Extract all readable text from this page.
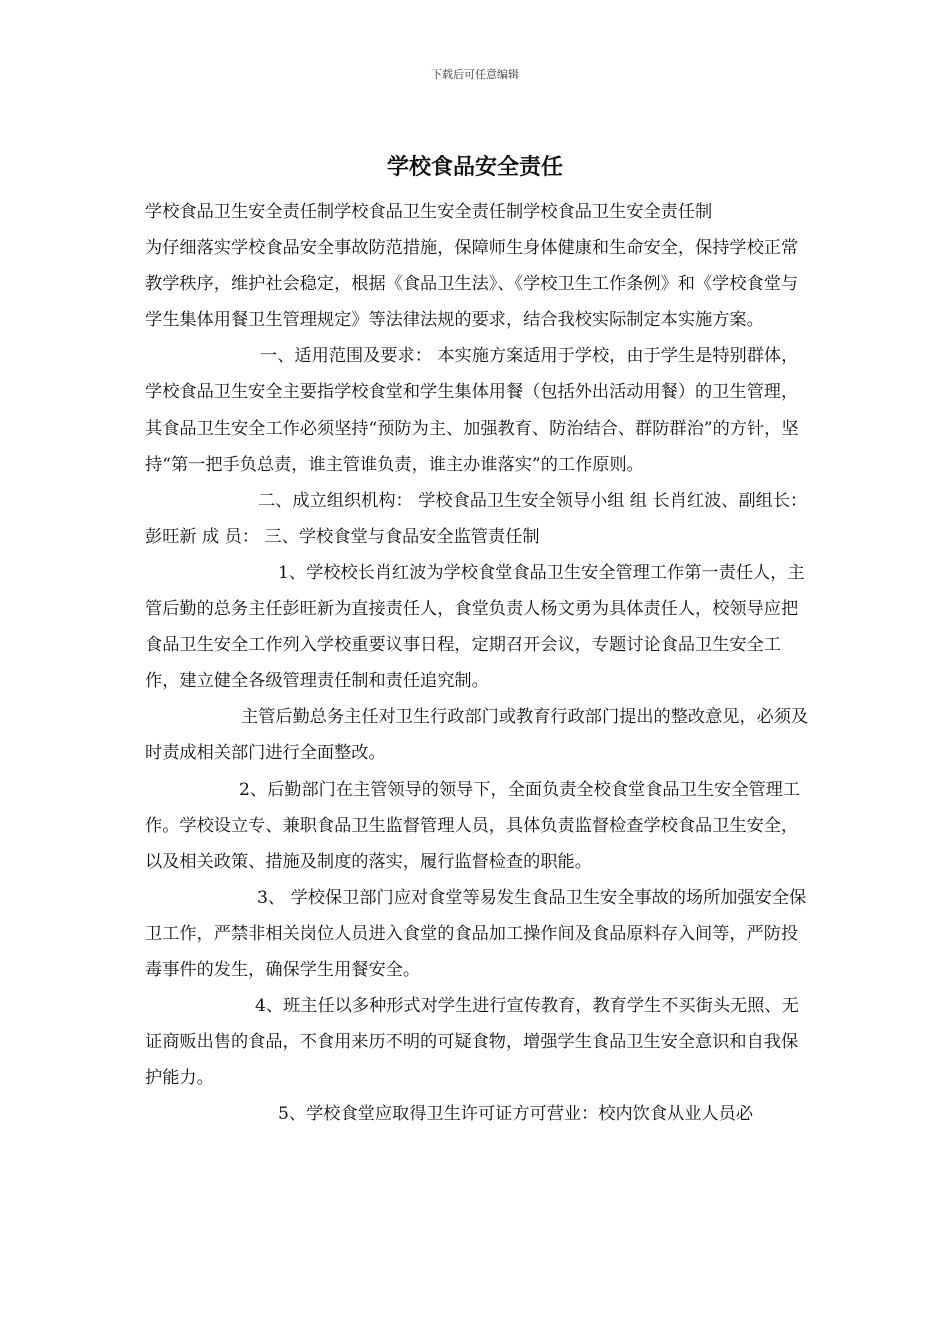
下载后可任意编辑
学校食品安全责任

学校食品卫生安全责任制学校食品卫生安全责任制学校食品卫生安全责任制

为仔细落实学校食品安全事故防范措施，保障师生身体健康和生命安全，保持学校正常教学秩序，维护社会稳定，根据《食品卫生法》、《学校卫生工作条例》和《学校食堂与学生集体用餐卫生管理规定》等法律法规的要求，结合我校实际制定本实施方案。

一、适用范围及要求： 本实施方案适用于学校，由于学生是特别群体，学校食品卫生安全主要指学校食堂和学生集体用餐（包括外出活动用餐）的卫生管理，其食品卫生安全工作必须坚持“预防为主、加强教育、防治结合、群防群治”的方针，坚持“第一把手负总责，谁主管谁负责，谁主办谁落实”的工作原则。

二、成立组织机构： 学校食品卫生安全领导小组 组 长肖红波、副组长：彭旺新 成 员： 三、学校食堂与食品安全监管责任制

1、学校校长肖红波为学校食堂食品卫生安全管理工作第一责任人，主管后勤的总务主任彭旺新为直接责任人，食堂负责人杨文勇为具体责任人，校领导应把食品卫生安全工作列入学校重要议事日程，定期召开会议，专题讨论食品卫生安全工作，建立健全各级管理责任制和责任追究制。

主管后勤总务主任对卫生行政部门或教育行政部门提出的整改意见，必须及时责成相关部门进行全面整改。

2、后勤部门在主管领导的领导下，全面负责全校食堂食品卫生安全管理工作。学校设立专、兼职食品卫生监督管理人员，具体负责监督检查学校食品卫生安全，以及相关政策、措施及制度的落实，履行监督检查的职能。

3、 学校保卫部门应对食堂等易发生食品卫生安全事故的场所加强安全保卫工作，严禁非相关岗位人员进入食堂的食品加工操作间及食品原料存入间等，严防投毒事件的发生，确保学生用餐安全。

4、班主任以多种形式对学生进行宣传教育，教育学生不买街头无照、无证商贩出售的食品，不食用来历不明的可疑食物，增强学生食品卫生安全意识和自我保护能力。

5、学校食堂应取得卫生许可证方可营业：校内饮食从业人员必
